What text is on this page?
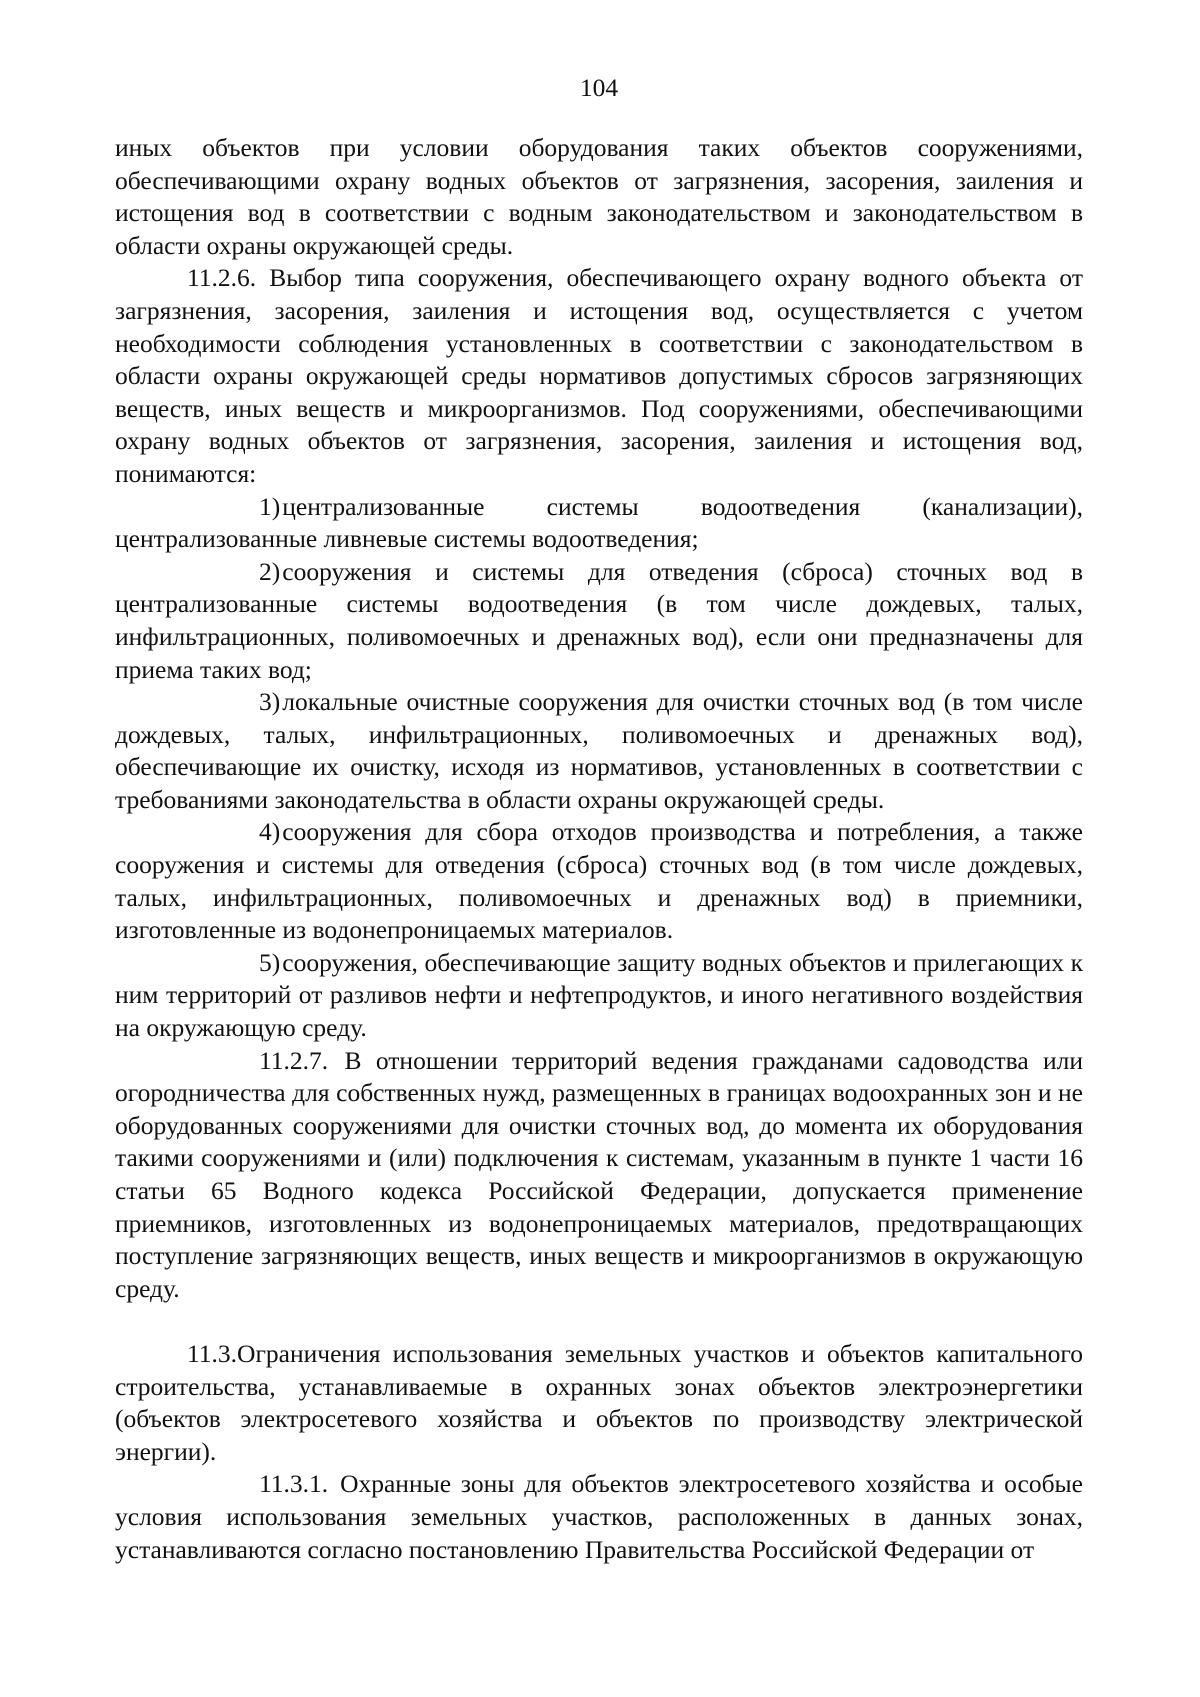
104

иных объектов при условии оборудования таких объектов сооружениями, обеспечивающими охрану водных объектов от загрязнения, засорения, заиления и истощения вод в соответствии с водным законодательством и законодательством в области охраны окружающей среды.

11.2.6. Выбор типа сооружения, обеспечивающего охрану водного объекта от загрязнения, засорения, заиления и истощения вод, осуществляется с учетом необходимости соблюдения установленных в соответствии с законодательством в области охраны окружающей среды нормативов допустимых сбросов загрязняющих веществ, иных веществ и микроорганизмов. Под сооружениями, обеспечивающими охрану водных объектов от загрязнения, засорения, заиления и истощения вод, понимаются:

1)централизованные системы водоотведения (канализации), централизованные ливневые системы водоотведения;

2)сооружения и системы для отведения (сброса) сточных вод в централизованные системы водоотведения (в том числе дождевых, талых, инфильтрационных, поливомоечных и дренажных вод), если они предназначены для приема таких вод;

3)локальные очистные сооружения для очистки сточных вод (в том числе дождевых, талых, инфильтрационных, поливомоечных и дренажных вод), обеспечивающие их очистку, исходя из нормативов, установленных в соответствии с требованиями законодательства в области охраны окружающей среды.

4)сооружения для сбора отходов производства и потребления, а также сооружения и системы для отведения (сброса) сточных вод (в том числе дождевых, талых, инфильтрационных, поливомоечных и дренажных вод) в приемники, изготовленные из водонепроницаемых материалов.

5)сооружения, обеспечивающие защиту водных объектов и прилегающих к ним территорий от разливов нефти и нефтепродуктов, и иного негативного воздействия на окружающую среду.

11.2.7. В отношении территорий ведения гражданами садоводства или огородничества для собственных нужд, размещенных в границах водоохранных зон и не оборудованных сооружениями для очистки сточных вод, до момента их оборудования такими сооружениями и (или) подключения к системам, указанным в пункте 1 части 16 статьи 65 Водного кодекса Российской Федерации, допускается применение приемников, изготовленных из водонепроницаемых материалов, предотвращающих поступление загрязняющих веществ, иных веществ и микроорганизмов в окружающую среду.

11.3.Ограничения использования земельных участков и объектов капитального строительства, устанавливаемые в охранных зонах объектов электроэнергетики (объектов электросетевого хозяйства и объектов по производству электрической энергии).

11.3.1. Охранные зоны для объектов электросетевого хозяйства и особые условия использования земельных участков, расположенных в данных зонах, устанавливаются согласно постановлению Правительства Российской Федерации от
